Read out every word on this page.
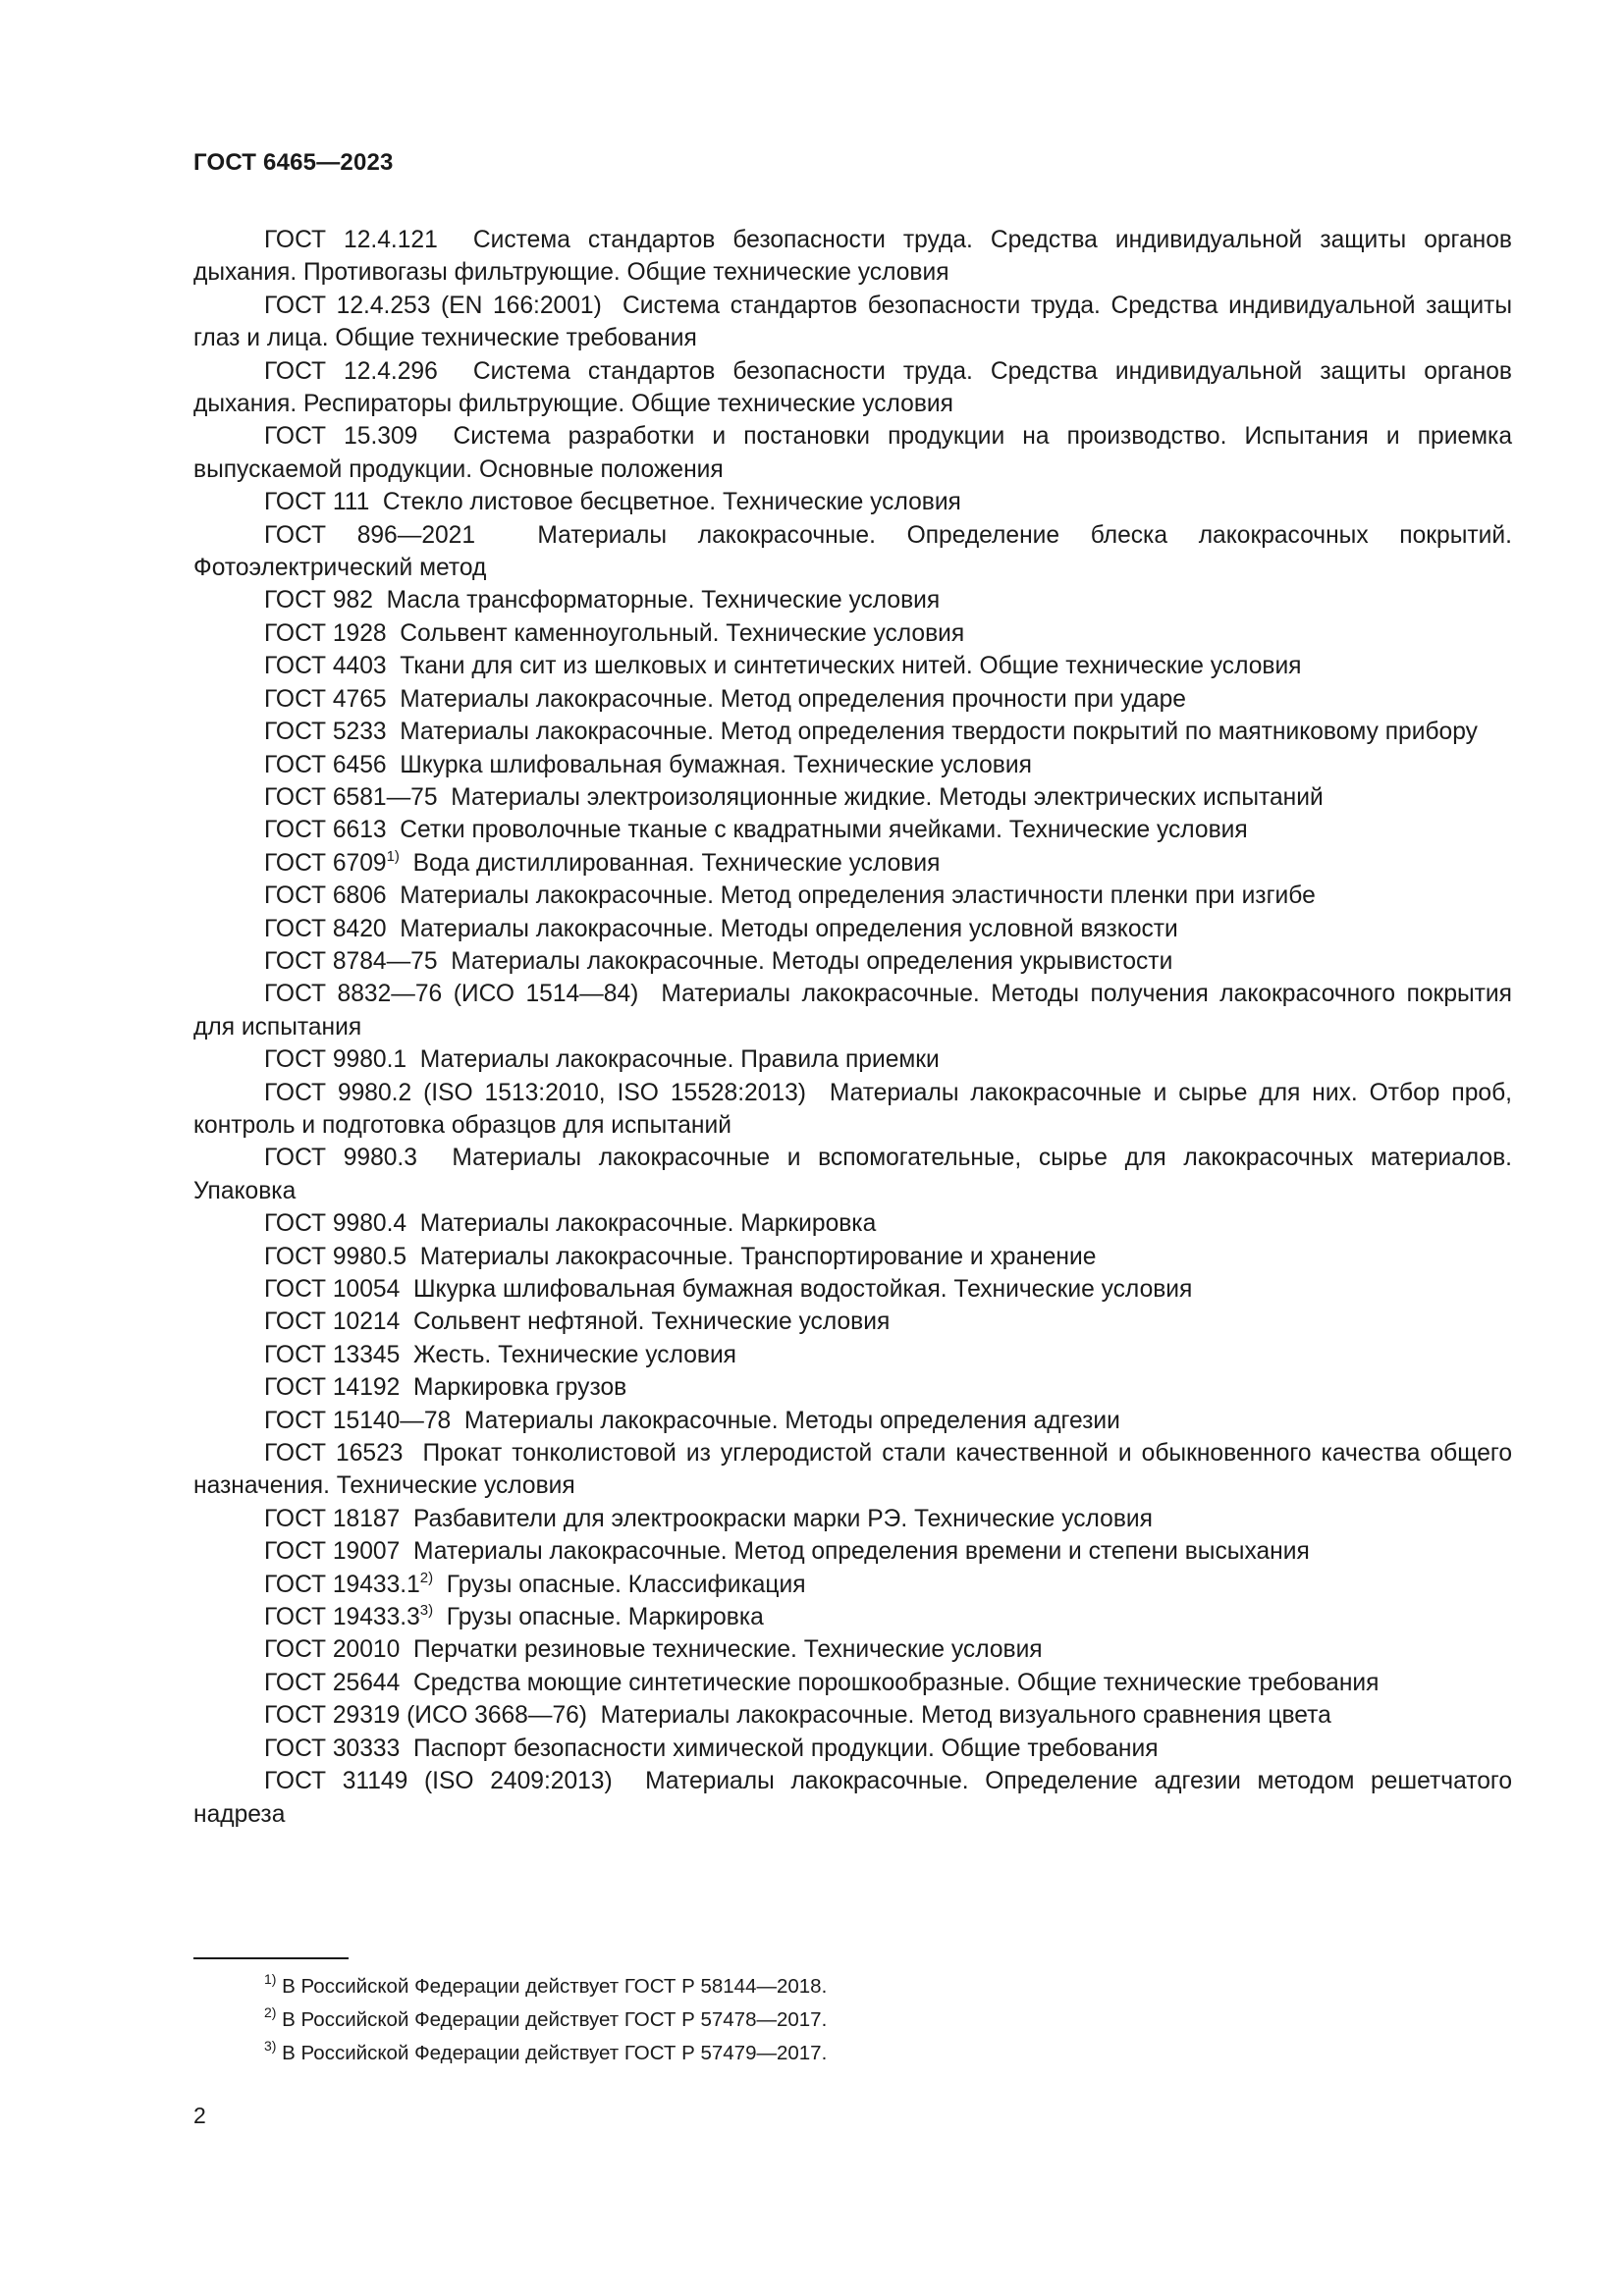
ГОСТ 6465—2023

ГОСТ 12.4.121 Система стандартов безопасности труда. Средства индивидуальной защиты органов дыхания. Противогазы фильтрующие. Общие технические условия

ГОСТ 12.4.253 (EN 166:2001) Система стандартов безопасности труда. Средства индивидуальной защиты глаз и лица. Общие технические требования

ГОСТ 12.4.296 Система стандартов безопасности труда. Средства индивидуальной защиты органов дыхания. Респираторы фильтрующие. Общие технические условия

ГОСТ 15.309 Система разработки и постановки продукции на производство. Испытания и приемка выпускаемой продукции. Основные положения

ГОСТ 111 Стекло листовое бесцветное. Технические условия

ГОСТ 896—2021	Материалы лакокрасочные. Определение блеска лакокрасочных покрытий. Фотоэлектрический метод

ГОСТ 982 Масла трансформаторные. Технические условия

ГОСТ 1928 Сольвент каменноугольный. Технические условия

ГОСТ 4403 Ткани для сит из шелковых и синтетических нитей. Общие технические условия

ГОСТ 4765 Материалы лакокрасочные. Метод определения прочности при ударе

ГОСТ 5233 Материалы лакокрасочные. Метод определения твердости покрытий по маятниковому прибору

ГОСТ 6456 Шкурка шлифовальная бумажная. Технические условия

ГОСТ 6581—75 Материалы электроизоляционные жидкие. Методы электрических испытаний

ГОСТ 6613 Сетки проволочные тканые с квадратными ячейками. Технические условия

ГОСТ 6709$^{1)}$ Вода дистиллированная. Технические условия

ГОСТ 6806 Материалы лакокрасочные. Метод определения эластичности пленки при изгибе

ГОСТ 8420 Материалы лакокрасочные. Методы определения условной вязкости

ГОСТ 8784—75 Материалы лакокрасочные. Методы определения укрывистости

ГОСТ 8832—76 (ИСО 1514—84) Материалы лакокрасочные. Методы получения лакокрасочного покрытия для испытания

ГОСТ 9980.1 Материалы лакокрасочные. Правила приемки

ГОСТ 9980.2 (ISO 1513:2010, ISO 15528:2013) Материалы лакокрасочные и сырье для них. Отбор проб, контроль и подготовка образцов для испытаний

ГОСТ 9980.3 Материалы лакокрасочные и вспомогательные, сырье для лакокрасочных материалов. Упаковка

ГОСТ 9980.4 Материалы лакокрасочные. Маркировка

ГОСТ 9980.5 Материалы лакокрасочные. Транспортирование и хранение

ГОСТ 10054 Шкурка шлифовальная бумажная водостойкая. Технические условия

ГОСТ 10214 Сольвент нефтяной. Технические условия

ГОСТ 13345 Жесть. Технические условия

ГОСТ 14192 Маркировка грузов

ГОСТ 15140—78 Материалы лакокрасочные. Методы определения адгезии

ГОСТ 16523 Прокат тонколистовой из углеродистой стали качественной и обыкновенного качества общего назначения. Технические условия

ГОСТ 18187 Разбавители для электроокраски марки РЭ. Технические условия

ГОСТ 19007 Материалы лакокрасочные. Метод определения времени и степени высыхания

ГОСТ 19433.1$^{2)}$ Грузы опасные. Классификация

ГОСТ 19433.3$^{3)}$ Грузы опасные. Маркировка

ГОСТ 20010 Перчатки резиновые технические. Технические условия

ГОСТ 25644 Средства моющие синтетические порошкообразные. Общие технические требования

ГОСТ 29319 (ИСО 3668—76) Материалы лакокрасочные. Метод визуального сравнения цвета

ГОСТ 30333 Паспорт безопасности химической продукции. Общие требования

ГОСТ 31149 (ISO 2409:2013) Материалы лакокрасочные. Определение адгезии методом решетчатого надреза

$^{1)}$ В Российской Федерации действует ГОСТ Р 58144—2018.

$^{2)}$ В Российской Федерации действует ГОСТ Р 57478—2017.

$^{3)}$ В Российской Федерации действует ГОСТ Р 57479—2017.

2
